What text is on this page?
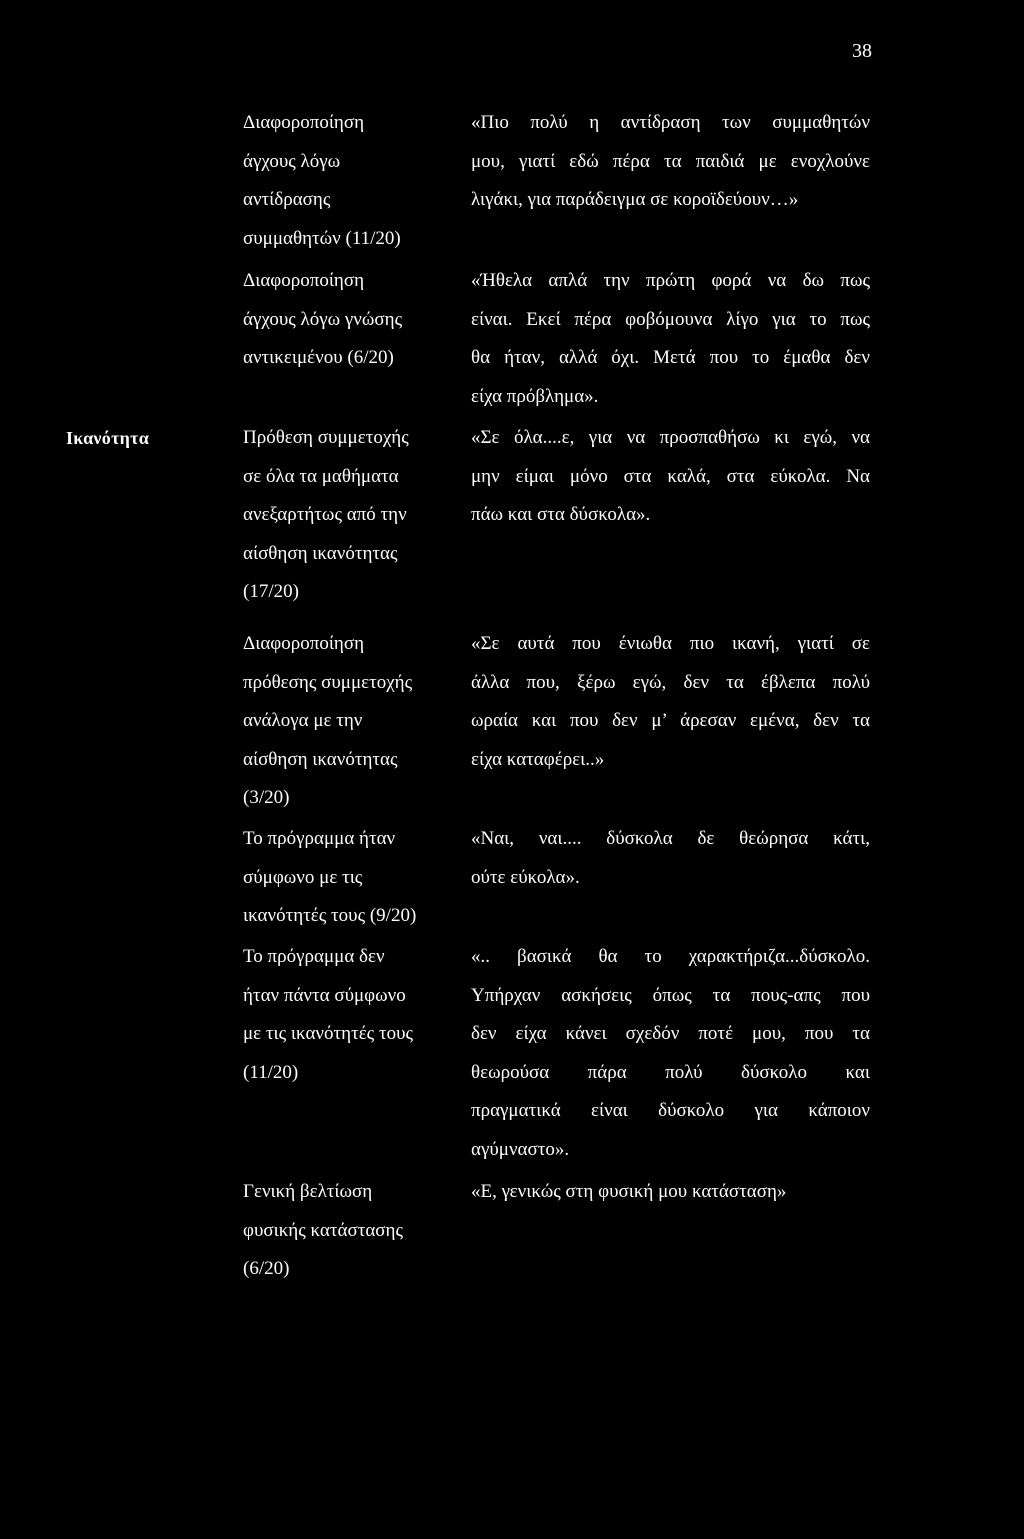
38
Ικανότητα
Διαφοροποίηση
άγχους λόγω
αντίδρασης
συμμαθητών (11/20)
Διαφοροποίηση
άγχους λόγω γνώσης
αντικειμένου (6/20)
Πρόθεση συμμετοχής
σε όλα τα μαθήματα
ανεξαρτήτως από την
αίσθηση ικανότητας
(17/20)
Διαφοροποίηση
πρόθεσης συμμετοχής
ανάλογα με την
αίσθηση ικανότητας
(3/20)
Το πρόγραμμα ήταν
σύμφωνο με τις
ικανότητές τους (9/20)
Το πρόγραμμα δεν
ήταν πάντα σύμφωνο
με τις ικανότητές τους
(11/20)
Γενική βελτίωση
φυσικής κατάστασης
(6/20)
«Πιο πολύ η αντίδραση των συμμαθητών
μου, γιατί εδώ πέρα τα παιδιά με ενοχλούνε
λιγάκι, για παράδειγμα σε κοροϊδεύουν…»
«Ήθελα απλά την πρώτη φορά να δω πως
είναι. Εκεί πέρα φοβόμουνα λίγο για το πως
θα ήταν, αλλά όχι. Μετά που το έμαθα δεν
είχα πρόβλημα».
«Σε όλα....ε, για να προσπαθήσω κι εγώ, να
μην είμαι μόνο στα καλά, στα εύκολα. Να
πάω και στα δύσκολα».
«Σε αυτά που ένιωθα πιο ικανή, γιατί σε
άλλα που, ξέρω εγώ, δεν τα έβλεπα πολύ
ωραία και που δεν μ’ άρεσαν εμένα, δεν τα
είχα καταφέρει..»
«Ναι, ναι.... δύσκολα δε θεώρησα κάτι,
ούτε εύκολα».
«.. βασικά θα το χαρακτήριζα...δύσκολο.
Υπήρχαν ασκήσεις όπως τα πους-απς που
δεν είχα κάνει σχεδόν ποτέ μου, που τα
θεωρούσα πάρα πολύ δύσκολο και
πραγματικά είναι δύσκολο για κάποιον
αγύμναστο».
«Ε, γενικώς στη φυσική μου κατάσταση»
